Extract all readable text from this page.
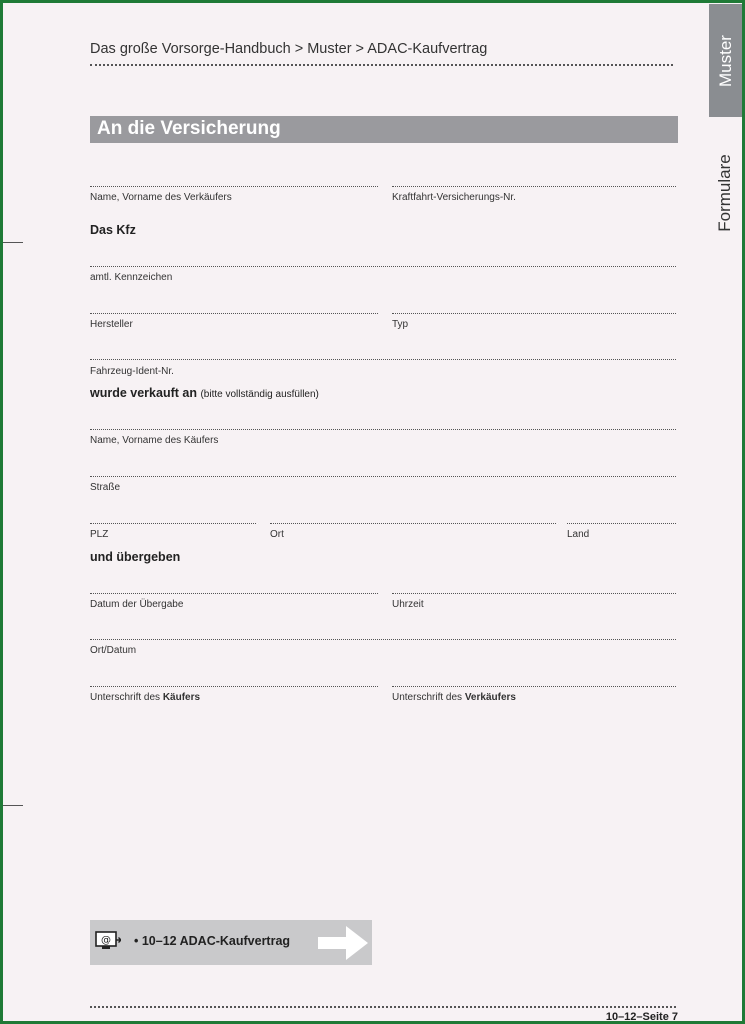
Muster
Formulare
Das große Vorsorge-Handbuch > Muster > ADAC-Kaufvertrag
An die Versicherung
Name, Vorname des Verkäufers	Kraftfahrt-Versicherungs-Nr.
Das Kfz
amtl. Kennzeichen
Hersteller	Typ
Fahrzeug-Ident-Nr.
wurde verkauft an (bitte vollständig ausfüllen)
Name, Vorname des Käufers
Straße
PLZ	Ort	Land
und übergeben
Datum der Übergabe	Uhrzeit
Ort/Datum
Unterschrift des Käufers	Unterschrift des Verkäufers
@ • 10–12 ADAC-Kaufvertrag
10–12–Seite 7
